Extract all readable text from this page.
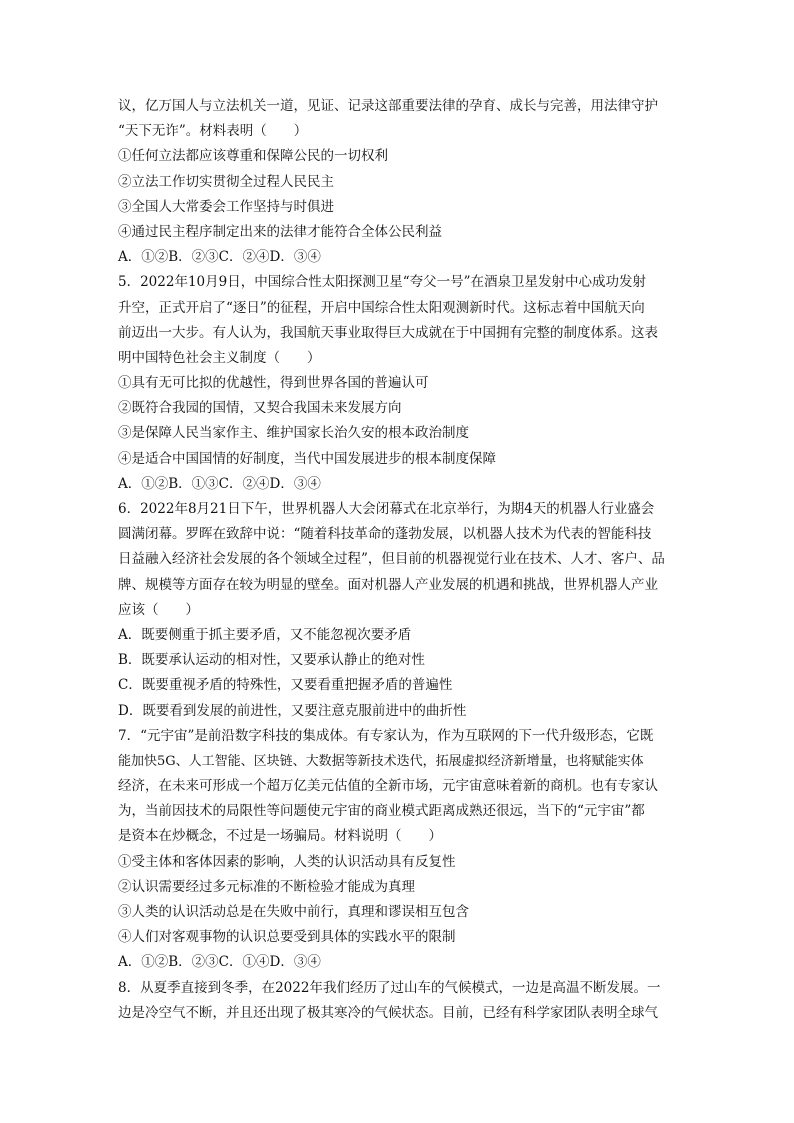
议，亿万国人与立法机关一道，见证、记录这部重要法律的孕育、成长与完善，用法律守护
“天下无诈”。材料表明（　　）
①任何立法都应该尊重和保障公民的一切权利
②立法工作切实贯彻全过程人民民主
③全国人大常委会工作坚持与时俱进
④通过民主程序制定出来的法律才能符合全体公民利益
A．①②B．②③C．②④D．③④
5．2022年10月9日，中国综合性太阳探测卫星“夸父一号”在酒泉卫星发射中心成功发射
升空，正式开启了“逐日”的征程，开启中国综合性太阳观测新时代。这标志着中国航天向
前迈出一大步。有人认为，我国航天事业取得巨大成就在于中国拥有完整的制度体系。这表
明中国特色社会主义制度（　　）
①具有无可比拟的优越性，得到世界各国的普遍认可
②既符合我园的国情，又契合我国未来发展方向
③是保障人民当家作主、维护国家长治久安的根本政治制度
④是适合中国国情的好制度，当代中国发展进步的根本制度保障
A．①②B．①③C．②④D．③④
6．2022年8月21日下午，世界机器人大会闭幕式在北京举行，为期4天的机器人行业盛会
圆满闭幕。罗晖在致辞中说：“随着科技革命的蓬勃发展，以机器人技术为代表的智能科技
日益融入经济社会发展的各个领域全过程”，但目前的机器视觉行业在技术、人才、客户、品
牌、规模等方面存在较为明显的壁垒。面对机器人产业发展的机遇和挑战，世界机器人产业
应该（　　）
A．既要侧重于抓主要矛盾，又不能忽视次要矛盾
B．既要承认运动的相对性，又要承认静止的绝对性
C．既要重视矛盾的特殊性，又要看重把握矛盾的普遍性
D．既要看到发展的前进性，又要注意克服前进中的曲折性
7．“元宇宙”是前沿数字科技的集成体。有专家认为，作为互联网的下一代升级形态，它既
能加快5G、人工智能、区块链、大数据等新技术迭代，拓展虚拟经济新增量，也将赋能实体
经济，在未来可形成一个超万亿美元估值的全新市场，元宇宙意味着新的商机。也有专家认
为，当前因技术的局限性等问题使元宇宙的商业模式距离成熟还很远，当下的“元宇宙”都
是资本在炒概念，不过是一场骗局。材料说明（　　）
①受主体和客体因素的影响，人类的认识活动具有反复性
②认识需要经过多元标准的不断检验才能成为真理
③人类的认识活动总是在失败中前行，真理和谬误相互包含
④人们对客观事物的认识总要受到具体的实践水平的限制
A．①②B．②③C．①④D．③④
8．从夏季直接到冬季，在2022年我们经历了过山车的气候模式，一边是高温不断发展。一
边是冷空气不断，并且还出现了极其寒冷的气候状态。目前，已经有科学家团队表明全球气
